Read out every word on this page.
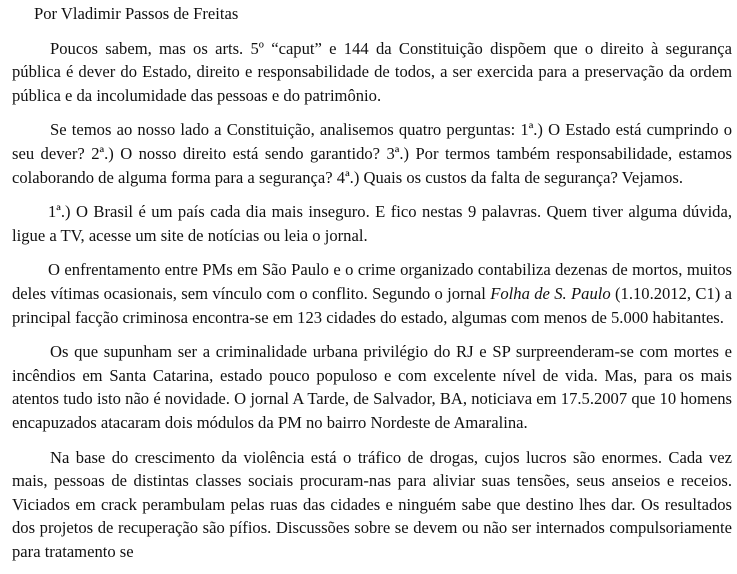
Por Vladimir Passos de Freitas

Poucos sabem, mas os arts. 5º “caput” e 144 da Constituição dispõem que o direito à segurança pública é dever do Estado, direito e responsabilidade de todos, a ser exercida para a preservação da ordem pública e da incolumidade das pessoas e do patrimônio.

Se temos ao nosso lado a Constituição, analisemos quatro perguntas: 1ª.) O Estado está cumprindo o seu dever? 2ª.) O nosso direito está sendo garantido? 3ª.) Por termos também responsabilidade, estamos colaborando de alguma forma para a segurança? 4ª.) Quais os custos da falta de segurança? Vejamos.

1ª.) O Brasil é um país cada dia mais inseguro. E fico nestas 9 palavras. Quem tiver alguma dúvida, ligue a TV, acesse um site de notícias ou leia o jornal.

O enfrentamento entre PMs em São Paulo e o crime organizado contabiliza dezenas de mortos, muitos deles vítimas ocasionais, sem vínculo com o conflito. Segundo o jornal Folha de S. Paulo (1.10.2012, C1) a principal facção criminosa encontra-se em 123 cidades do estado, algumas com menos de 5.000 habitantes.

Os que supunham ser a criminalidade urbana privilégio do RJ e SP surpreenderam-se com mortes e incêndios em Santa Catarina, estado pouco populoso e com excelente nível de vida. Mas, para os mais atentos tudo isto não é novidade. O jornal A Tarde, de Salvador, BA, noticiava em 17.5.2007 que 10 homens encapuzados atacaram dois módulos da PM no bairro Nordeste de Amaralina.

Na base do crescimento da violência está o tráfico de drogas, cujos lucros são enormes. Cada vez mais, pessoas de distintas classes sociais procuram-nas para aliviar suas tensões, seus anseios e receios. Viciados em crack perambulam pelas ruas das cidades e ninguém sabe que destino lhes dar. Os resultados dos projetos de recuperação são pífios. Discussões sobre se devem ou não ser internados compulsoriamente para tratamento se
